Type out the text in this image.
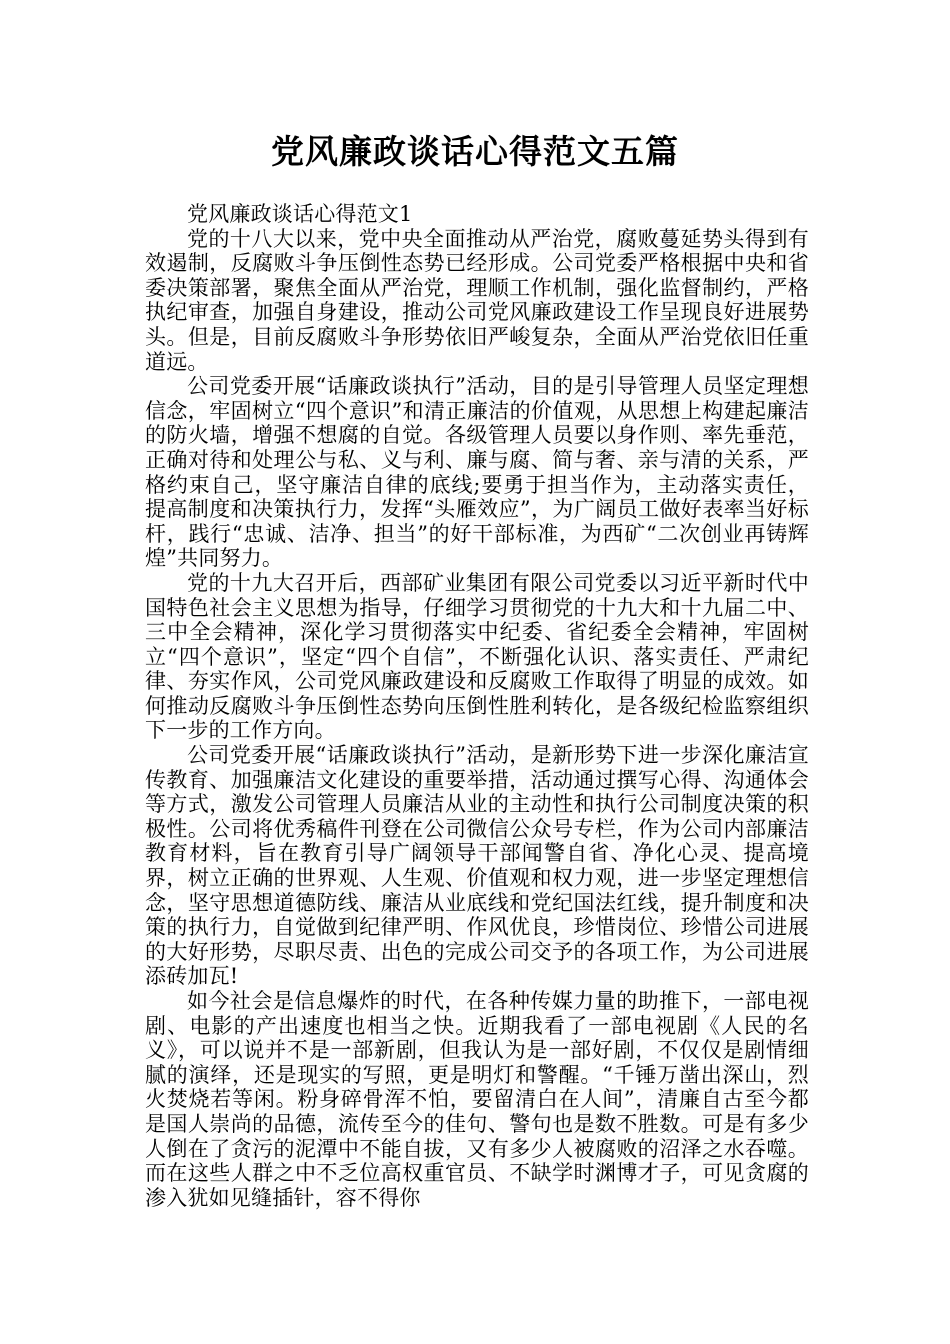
党风廉政谈话心得范文五篇

党风廉政谈话心得范文1

党的十八大以来，党中央全面推动从严治党，腐败蔓延势头得到有效遏制，反腐败斗争压倒性态势已经形成。公司党委严格根据中央和省委决策部署，聚焦全面从严治党，理顺工作机制，强化监督制约，严格执纪审查，加强自身建设，推动公司党风廉政建设工作呈现良好进展势头。但是，目前反腐败斗争形势依旧严峻复杂，全面从严治党依旧任重道远。

公司党委开展“话廉政谈执行”活动，目的是引导管理人员坚定理想信念，牢固树立“四个意识”和清正廉洁的价值观，从思想上构建起廉洁的防火墙，增强不想腐的自觉。各级管理人员要以身作则、率先垂范，正确对待和处理公与私、义与利、廉与腐、简与奢、亲与清的关系，严格约束自己，坚守廉洁自律的底线;要勇于担当作为，主动落实责任，提高制度和决策执行力，发挥“头雁效应”，为广阔员工做好表率当好标杆，践行“忠诚、洁净、担当”的好干部标准，为西矿“二次创业再铸辉煌”共同努力。

党的十九大召开后，西部矿业集团有限公司党委以习近平新时代中国特色社会主义思想为指导，仔细学习贯彻党的十九大和十九届二中、三中全会精神，深化学习贯彻落实中纪委、省纪委全会精神，牢固树立“四个意识”，坚定“四个自信”，不断强化认识、落实责任、严肃纪律、夯实作风，公司党风廉政建设和反腐败工作取得了明显的成效。如何推动反腐败斗争压倒性态势向压倒性胜利转化，是各级纪检监察组织下一步的工作方向。

公司党委开展“话廉政谈执行”活动，是新形势下进一步深化廉洁宣传教育、加强廉洁文化建设的重要举措，活动通过撰写心得、沟通体会等方式，激发公司管理人员廉洁从业的主动性和执行公司制度决策的积极性。公司将优秀稿件刊登在公司微信公众号专栏，作为公司内部廉洁教育材料，旨在教育引导广阔领导干部闻警自省、净化心灵、提高境界，树立正确的世界观、人生观、价值观和权力观，进一步坚定理想信念，坚守思想道德防线、廉洁从业底线和党纪国法红线，提升制度和决策的执行力，自觉做到纪律严明、作风优良，珍惜岗位、珍惜公司进展的大好形势，尽职尽责、出色的完成公司交予的各项工作，为公司进展添砖加瓦!

如今社会是信息爆炸的时代，在各种传媒力量的助推下，一部电视剧、电影的产出速度也相当之快。近期我看了一部电视剧《人民的名义》，可以说并不是一部新剧，但我认为是一部好剧，不仅仅是剧情细腻的演绎，还是现实的写照，更是明灯和警醒。“千锤万凿出深山，烈火焚烧若等闲。粉身碎骨浑不怕，要留清白在人间”，清廉自古至今都是国人崇尚的品德，流传至今的佳句、警句也是数不胜数。可是有多少人倒在了贪污的泥潭中不能自拔，又有多少人被腐败的沼泽之水吞噬。而在这些人群之中不乏位高权重官员、不缺学时渊博才子，可见贪腐的渗入犹如见缝插针，容不得你
